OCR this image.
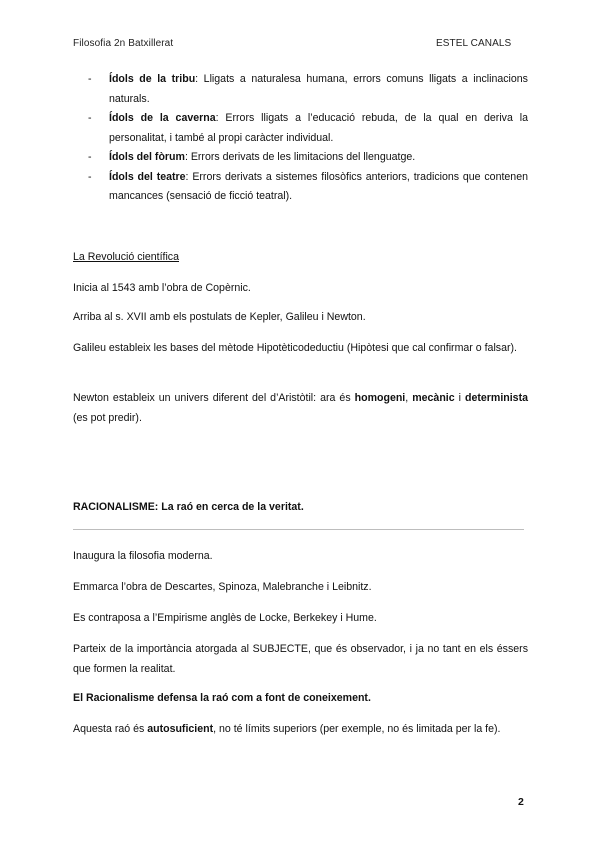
Filosofia 2n Batxillerat	ESTEL CANALS
- Ídols de la tribu: Lligats a naturalesa humana, errors comuns lligats a inclinacions naturals.
- Ídols de la caverna: Errors lligats a l’educació rebuda, de la qual en deriva la personalitat, i també al propi caràcter individual.
- Ídols del fòrum: Errors derivats de les limitacions del llenguatge.
- Ídols del teatre: Errors derivats a sistemes filosòfics anteriors, tradicions que contenen mancances (sensació de ficció teatral).

La Revolució científica

Inicia al 1543 amb l’obra de Copèrnic.

Arriba al s. XVII amb els postulats de Kepler, Galileu i Newton.

Galileu estableix les bases del mètode Hipotèticodeductiu (Hipòtesi que cal confirmar o falsar).

Newton estableix un univers diferent del d’Aristòtil: ara és homogeni, mecànic i determinista (es pot predir).

RACIONALISME: La raó en cerca de la veritat.

Inaugura la filosofia moderna.

Emmarca l’obra de Descartes, Spinoza, Malebranche i Leibnitz.

Es contraposa a l’Empirisme anglès de Locke, Berkekey i Hume.

Parteix de la importància atorgada al SUBJECTE, que és observador, i ja no tant en els éssers que formen la realitat.

El Racionalisme defensa la raó com a font de coneixement.

Aquesta raó és autosuficient, no té límits superiors (per exemple, no és limitada per la fe).

2
